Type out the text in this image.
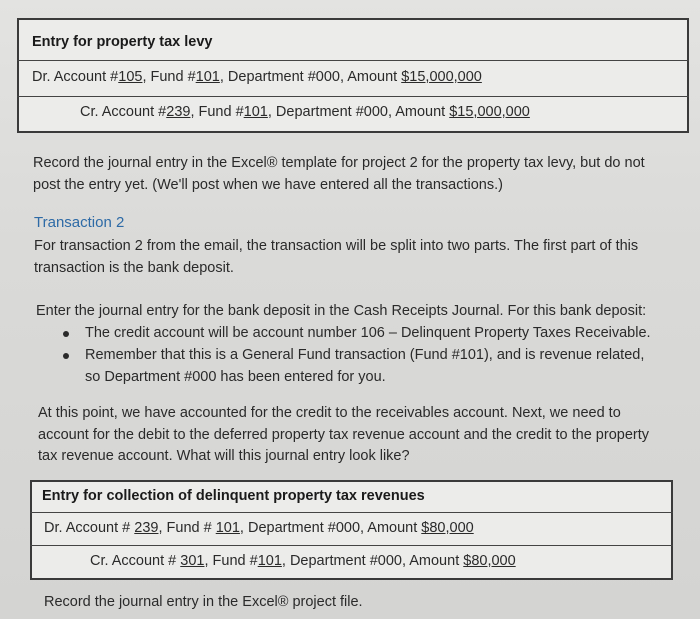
Entry for property tax levy
Dr. Account #105, Fund #101, Department #000, Amount $15,000,000
Cr. Account #239, Fund #101, Department #000, Amount $15,000,000
Record the journal entry in the Excel® template for project 2 for the property tax levy, but do not
post the entry yet. (We'll post when we have entered all the transactions.)
Transaction 2
For transaction 2 from the email, the transaction will be split into two parts. The first part of this
transaction is the bank deposit.
Enter the journal entry for the bank deposit in the Cash Receipts Journal. For this bank deposit:
The credit account will be account number 106 – Delinquent Property Taxes Receivable.
Remember that this is a General Fund transaction (Fund #101), and is revenue related,
so Department #000 has been entered for you.
At this point, we have accounted for the credit to the receivables account. Next, we need to
account for the debit to the deferred property tax revenue account and the credit to the property
tax revenue account. What will this journal entry look like?
Entry for collection of delinquent property tax revenues
Dr. Account # 239, Fund # 101, Department #000, Amount $80,000
Cr. Account # 301, Fund #101, Department #000, Amount $80,000
Record the journal entry in the Excel® project file.
